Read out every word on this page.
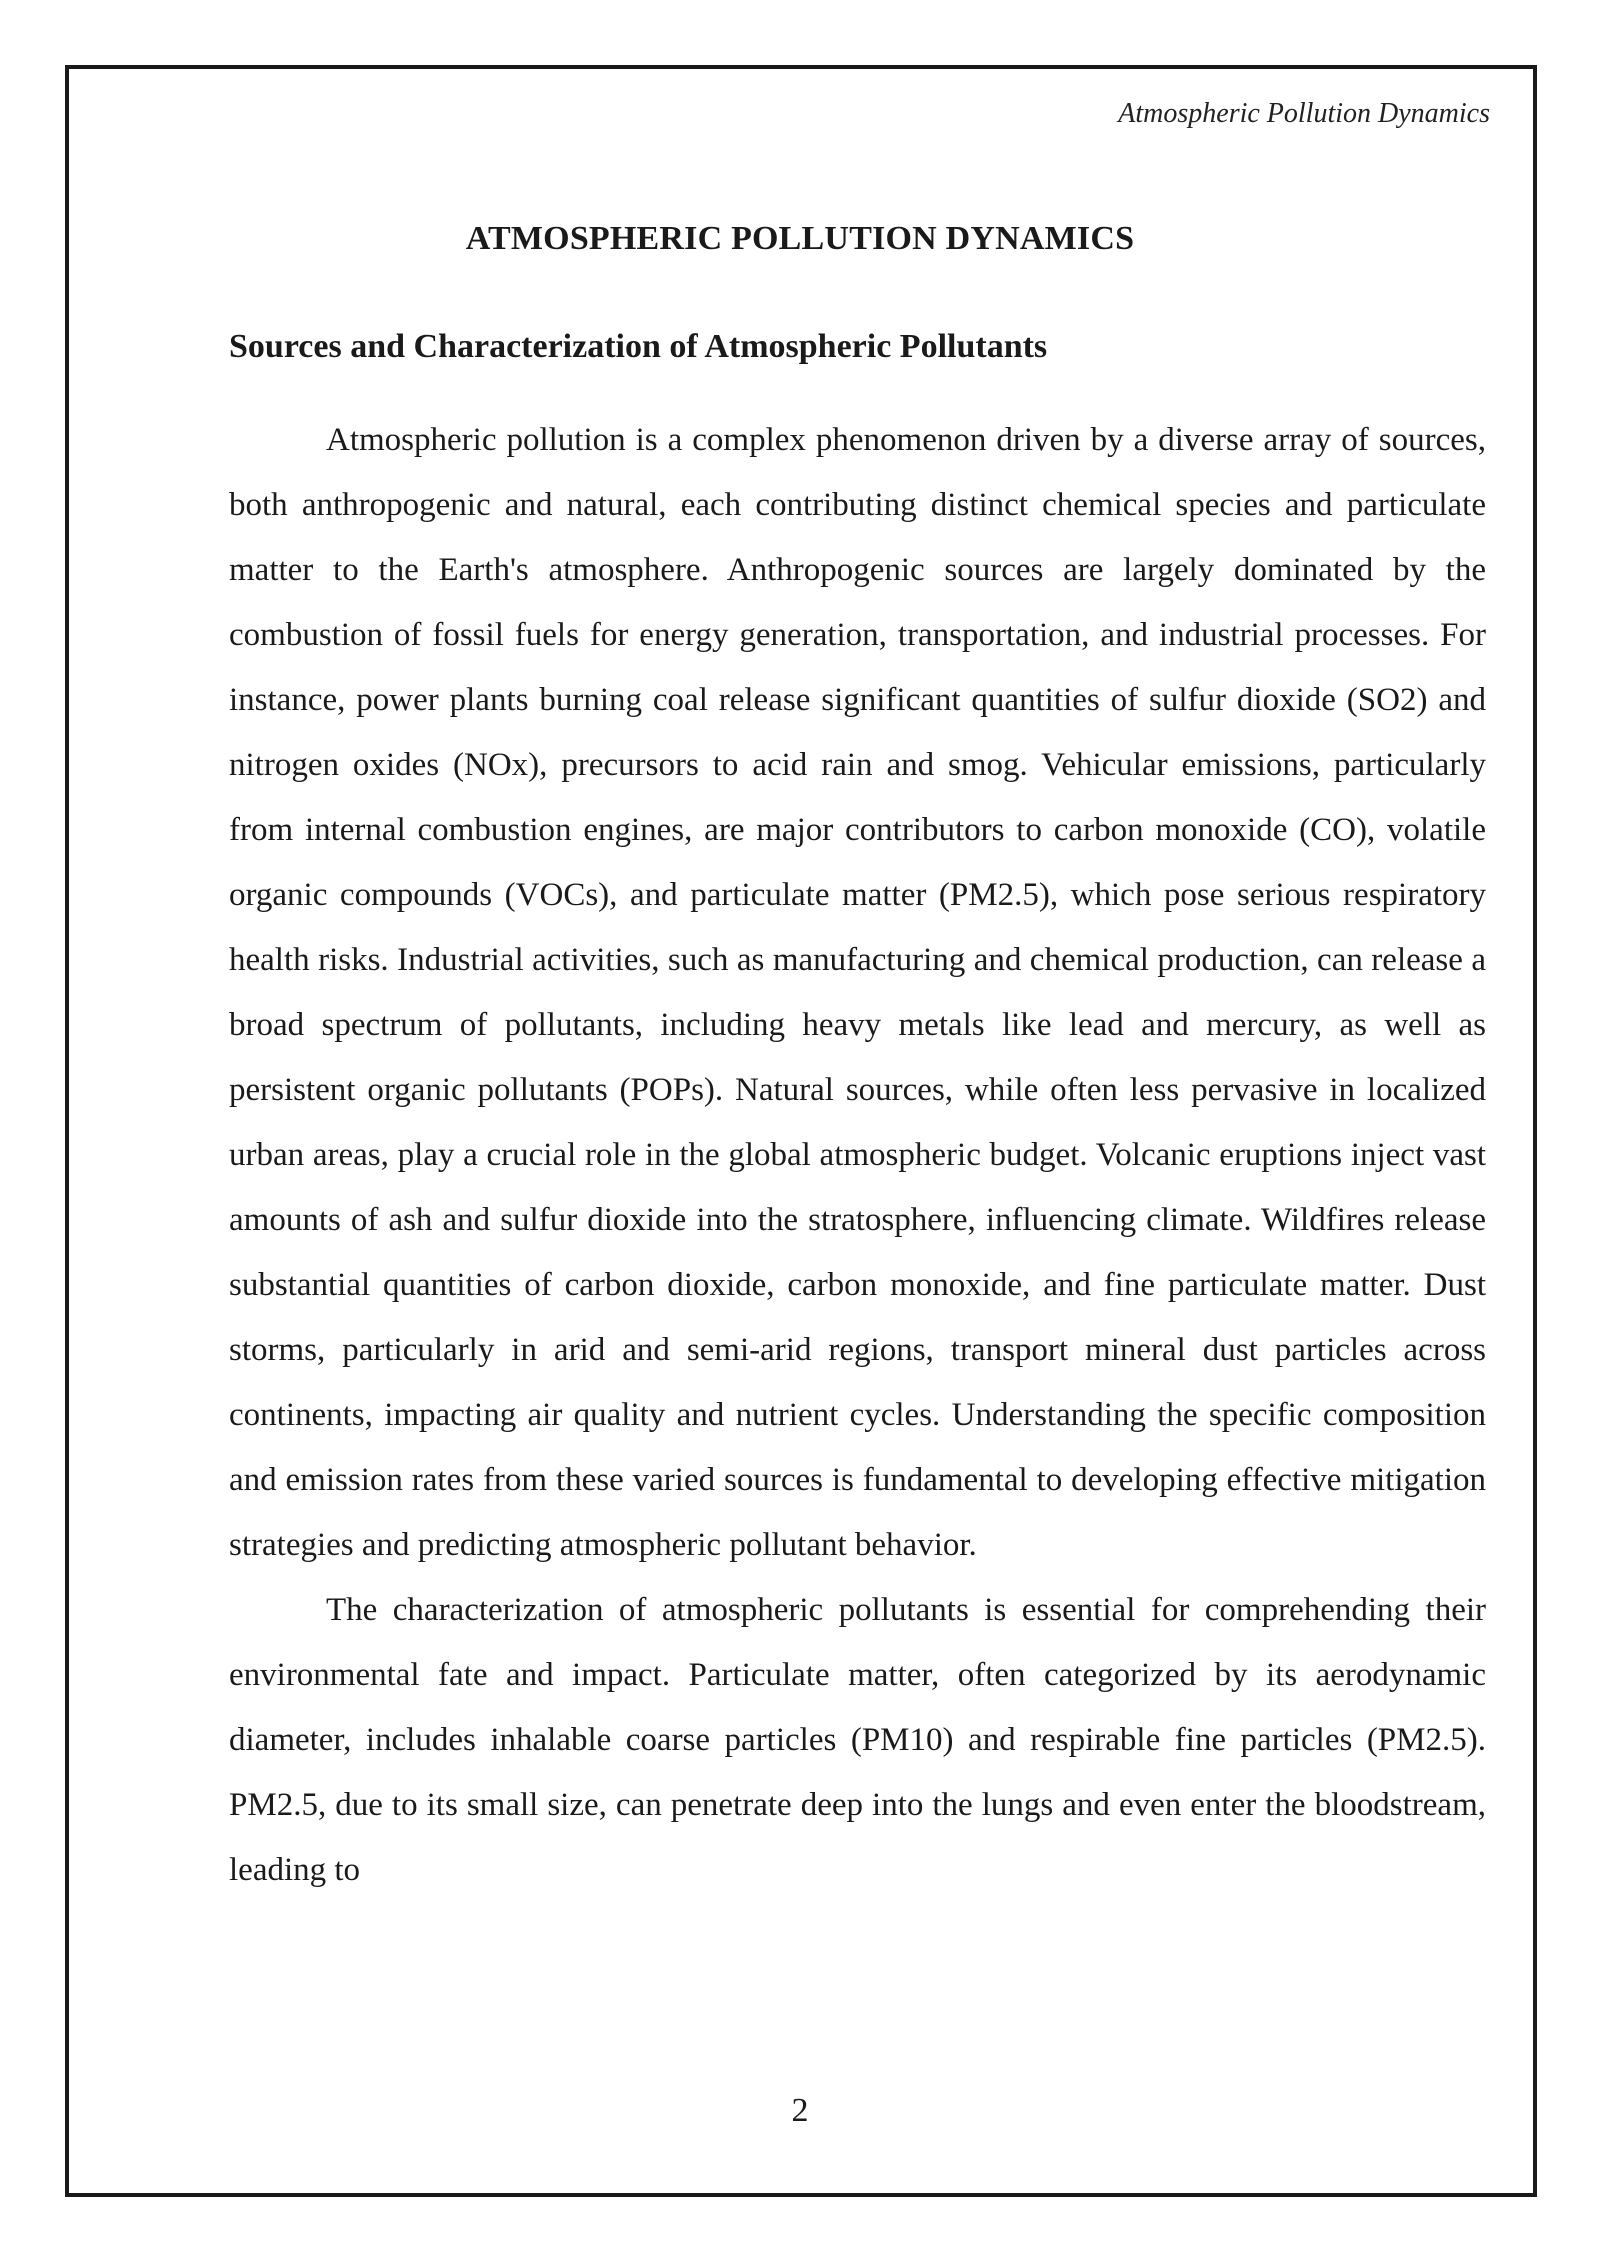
Atmospheric Pollution Dynamics
ATMOSPHERIC POLLUTION DYNAMICS
Sources and Characterization of Atmospheric Pollutants

Atmospheric pollution is a complex phenomenon driven by a diverse array of sources, both anthropogenic and natural, each contributing distinct chemical species and particulate matter to the Earth's atmosphere. Anthropogenic sources are largely dominated by the combustion of fossil fuels for energy generation, transportation, and industrial processes. For instance, power plants burning coal release significant quantities of sulfur dioxide (SO2) and nitrogen oxides (NOx), precursors to acid rain and smog. Vehicular emissions, particularly from internal combustion engines, are major contributors to carbon monoxide (CO), volatile organic compounds (VOCs), and particulate matter (PM2.5), which pose serious respiratory health risks. Industrial activities, such as manufacturing and chemical production, can release a broad spectrum of pollutants, including heavy metals like lead and mercury, as well as persistent organic pollutants (POPs). Natural sources, while often less pervasive in localized urban areas, play a crucial role in the global atmospheric budget. Volcanic eruptions inject vast amounts of ash and sulfur dioxide into the stratosphere, influencing climate. Wildfires release substantial quantities of carbon dioxide, carbon monoxide, and fine particulate matter. Dust storms, particularly in arid and semi-arid regions, transport mineral dust particles across continents, impacting air quality and nutrient cycles. Understanding the specific composition and emission rates from these varied sources is fundamental to developing effective mitigation strategies and predicting atmospheric pollutant behavior.

The characterization of atmospheric pollutants is essential for comprehending their environmental fate and impact. Particulate matter, often categorized by its aerodynamic diameter, includes inhalable coarse particles (PM10) and respirable fine particles (PM2.5). PM2.5, due to its small size, can penetrate deep into the lungs and even enter the bloodstream, leading to

2
